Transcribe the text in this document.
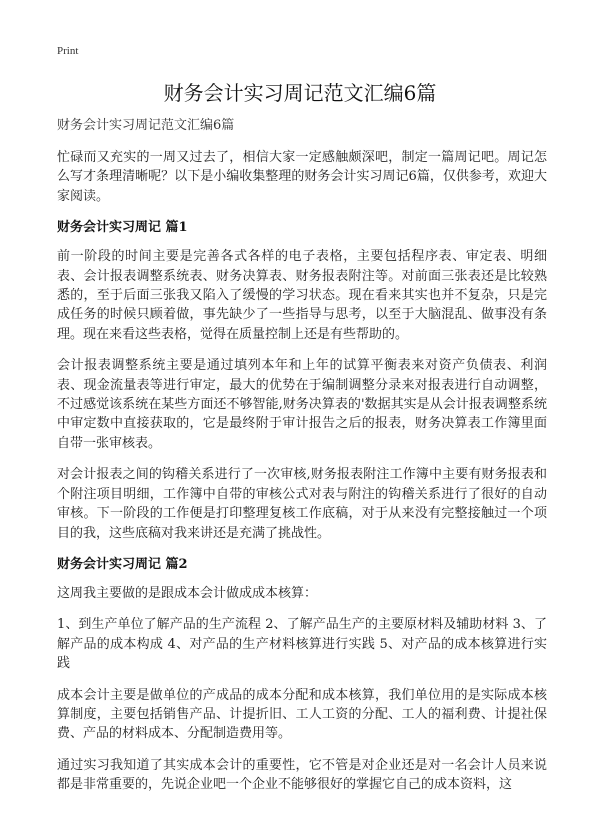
Print
财务会计实习周记范文汇编6篇

财务会计实习周记范文汇编6篇

忙碌而又充实的一周又过去了，相信大家一定感触颇深吧，制定一篇周记吧。周记怎么写才条理清晰呢？以下是小编收集整理的财务会计实习周记6篇，仅供参考，欢迎大家阅读。

财务会计实习周记 篇1

前一阶段的时间主要是完善各式各样的电子表格，主要包括程序表、审定表、明细表、会计报表调整系统表、财务决算表、财务报表附注等。对前面三张表还是比较熟悉的，至于后面三张我又陷入了缓慢的学习状态。现在看来其实也并不复杂，只是完成任务的时候只顾着做，事先缺少了一些指导与思考，以至于大脑混乱、做事没有条理。现在来看这些表格，觉得在质量控制上还是有些帮助的。

会计报表调整系统主要是通过填列本年和上年的试算平衡表来对资产负债表、利润表、现金流量表等进行审定，最大的优势在于编制调整分录来对报表进行自动调整，不过感觉该系统在某些方面还不够智能,财务决算表的'数据其实是从会计报表调整系统中审定数中直接获取的，它是最终附于审计报告之后的报表，财务决算表工作簿里面自带一张审核表。

对会计报表之间的钩稽关系进行了一次审核,财务报表附注工作簿中主要有财务报表和个附注项目明细，工作簿中自带的审核公式对表与附注的钩稽关系进行了很好的自动审核。下一阶段的工作便是打印整理复核工作底稿，对于从来没有完整接触过一个项目的我，这些底稿对我来讲还是充满了挑战性。

财务会计实习周记 篇2

这周我主要做的是跟成本会计做成成本核算：

1、到生产单位了解产品的生产流程 2、了解产品生产的主要原材料及辅助材料 3、了解产品的成本构成 4、对产品的生产材料核算进行实践 5、对产品的成本核算进行实践

成本会计主要是做单位的产成品的成本分配和成本核算，我们单位用的是实际成本核算制度，主要包括销售产品、计提折旧、工人工资的分配、工人的福利费、计提社保费、产品的材料成本、分配制造费用等。

通过实习我知道了其实成本会计的重要性，它不管是对企业还是对一名会计人员来说都是非常重要的，先说企业吧一个企业不能够很好的掌握它自己的成本资料，这
